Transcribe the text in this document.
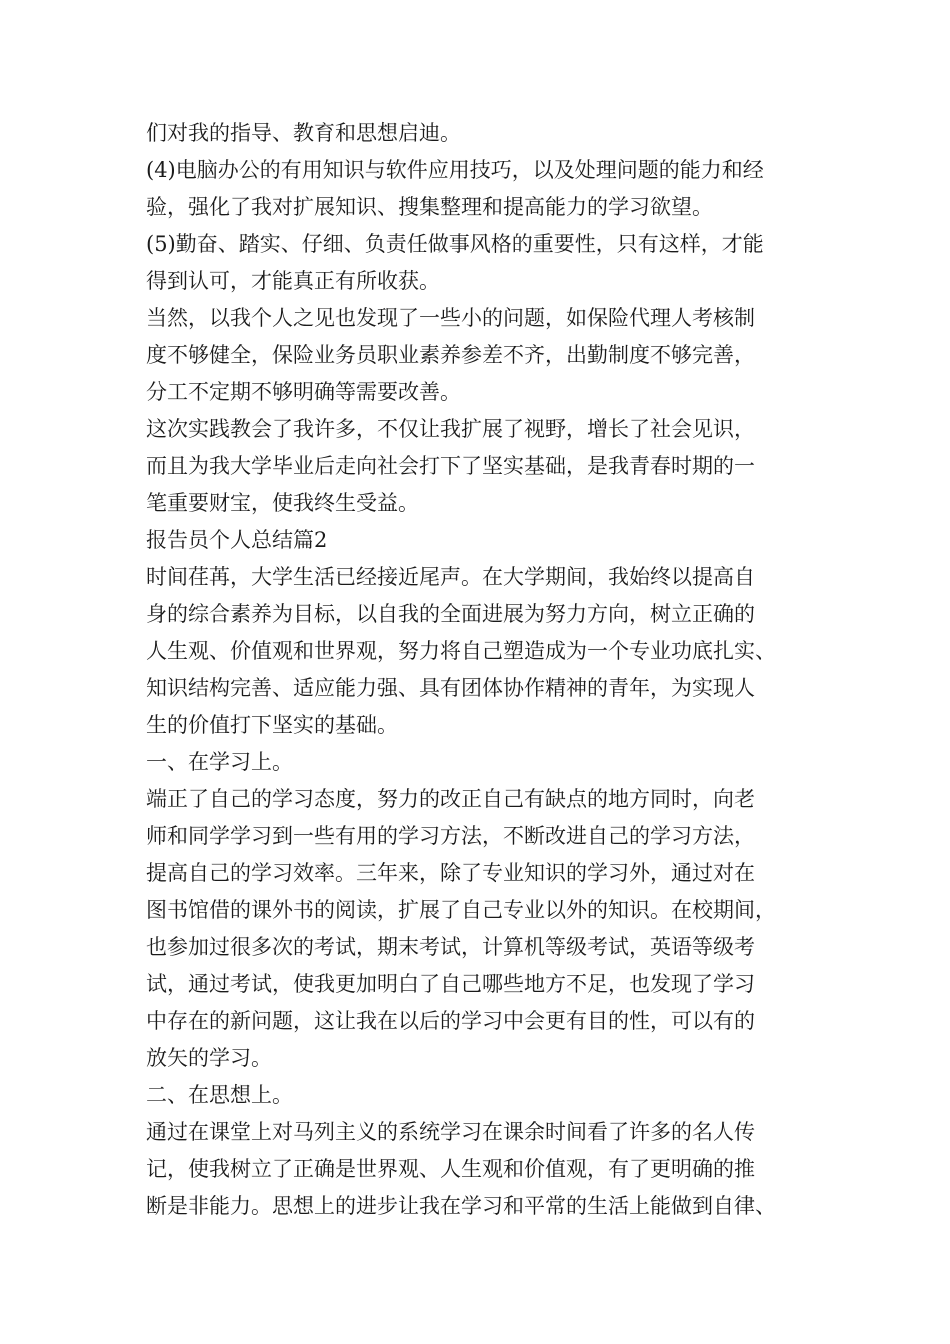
们对我的指导、教育和思想启迪。
(4)电脑办公的有用知识与软件应用技巧，以及处理问题的能力和经
验，强化了我对扩展知识、搜集整理和提高能力的学习欲望。
(5)勤奋、踏实、仔细、负责任做事风格的重要性，只有这样，才能
得到认可，才能真正有所收获。
当然，以我个人之见也发现了一些小的问题，如保险代理人考核制
度不够健全，保险业务员职业素养参差不齐，出勤制度不够完善，
分工不定期不够明确等需要改善。
这次实践教会了我许多，不仅让我扩展了视野，增长了社会见识，
而且为我大学毕业后走向社会打下了坚实基础，是我青春时期的一
笔重要财宝，使我终生受益。
报告员个人总结篇2
时间荏苒，大学生活已经接近尾声。在大学期间，我始终以提高自
身的综合素养为目标，以自我的全面进展为努力方向，树立正确的
人生观、价值观和世界观，努力将自己塑造成为一个专业功底扎实、
知识结构完善、适应能力强、具有团体协作精神的青年，为实现人
生的价值打下坚实的基础。
一、在学习上。
端正了自己的学习态度，努力的改正自己有缺点的地方同时，向老
师和同学学习到一些有用的学习方法，不断改进自己的学习方法，
提高自己的学习效率。三年来，除了专业知识的学习外，通过对在
图书馆借的课外书的阅读，扩展了自己专业以外的知识。在校期间，
也参加过很多次的考试，期末考试，计算机等级考试，英语等级考
试，通过考试，使我更加明白了自己哪些地方不足，也发现了学习
中存在的新问题，这让我在以后的学习中会更有目的性，可以有的
放矢的学习。
二、在思想上。
通过在课堂上对马列主义的系统学习在课余时间看了许多的名人传
记，使我树立了正确是世界观、人生观和价值观，有了更明确的推
断是非能力。思想上的进步让我在学习和平常的生活上能做到自律、
